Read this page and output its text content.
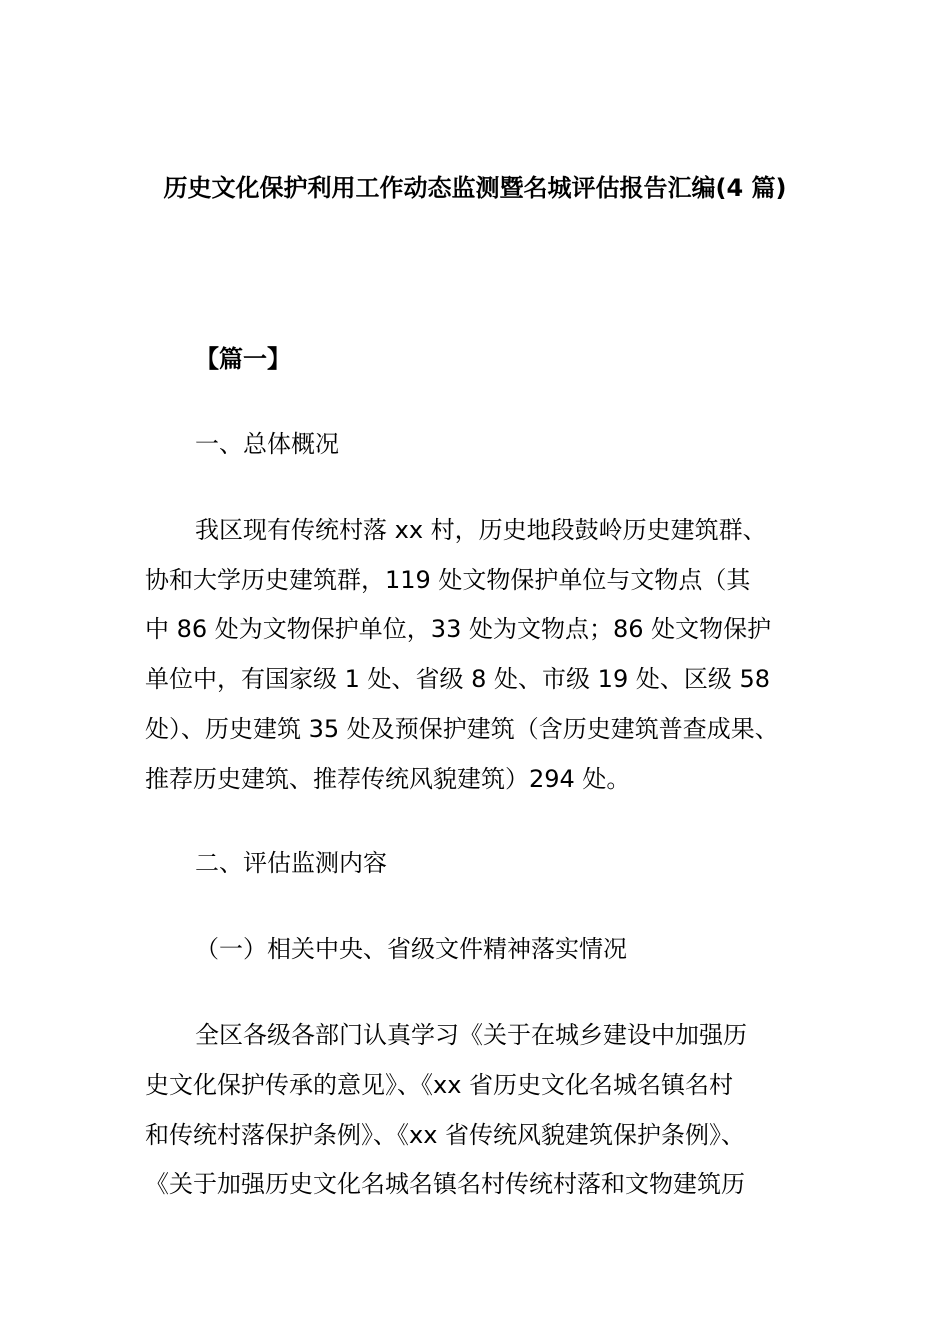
历史文化保护利用工作动态监测暨名城评估报告汇编(4 篇)
【篇一】
一、总体概况
我区现有传统村落 xx 村，历史地段鼓岭历史建筑群、
协和大学历史建筑群，119 处文物保护单位与文物点（其
中 86 处为文物保护单位，33 处为文物点；86 处文物保护
单位中，有国家级 1 处、省级 8 处、市级 19 处、区级 58
处）、历史建筑 35 处及预保护建筑（含历史建筑普查成果、
推荐历史建筑、推荐传统风貌建筑）294 处。
二、评估监测内容
（一）相关中央、省级文件精神落实情况
全区各级各部门认真学习《关于在城乡建设中加强历
史文化保护传承的意见》、《xx 省历史文化名城名镇名村
和传统村落保护条例》、《xx 省传统风貌建筑保护条例》、
《关于加强历史文化名城名镇名村传统村落和文物建筑历
